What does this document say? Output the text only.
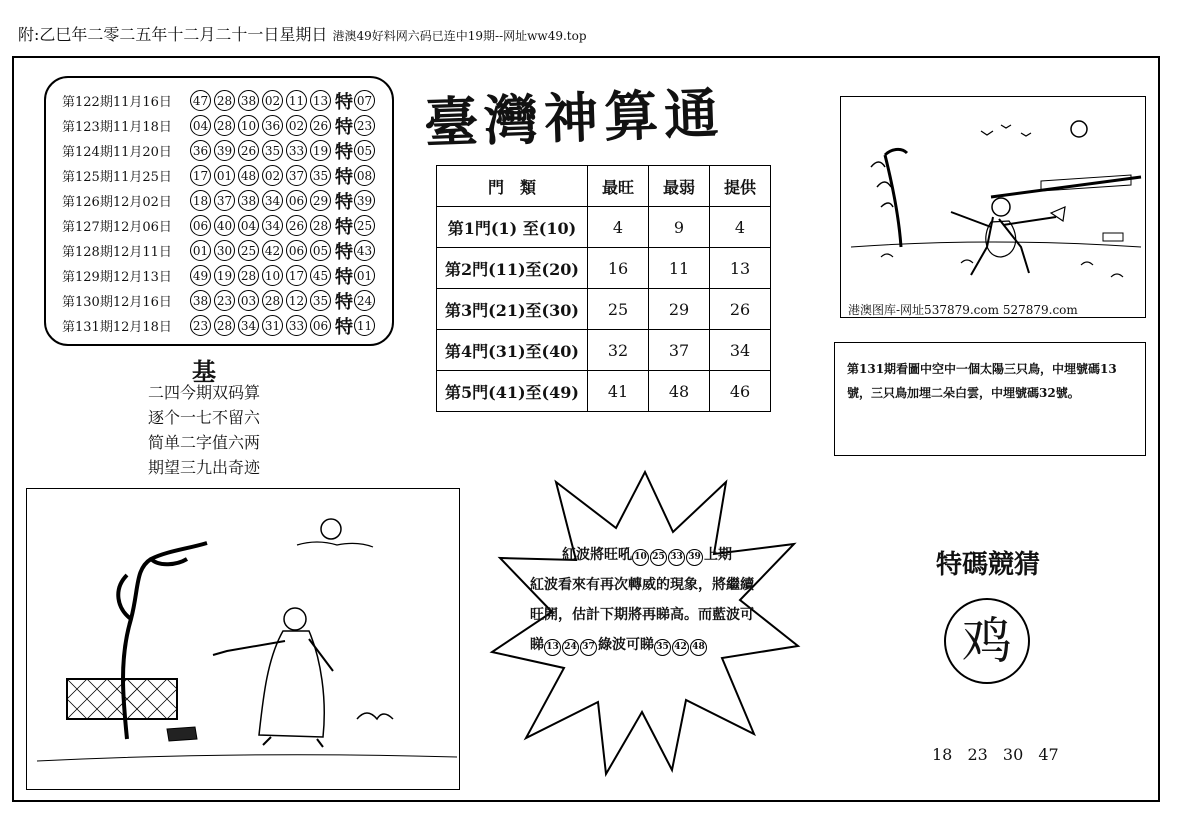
附:乙巳年二零二五年十二月二十一日星期日 港澳49好料网六码已连中19期--网址ww49.top
第122期11月16日	47 28 38 02 11 13 特 07
第123期11月18日	04 28 10 36 02 26 特 23
第124期11月20日	36 39 26 35 33 19 特 05
第125期11月25日	17 01 48 02 37 35 特 08
第126期12月02日	18 37 38 34 06 29 特 39
第127期12月06日	06 40 04 34 26 28 特 25
第128期12月11日	01 30 25 42 06 05 特 43
第129期12月13日	49 19 28 10 17 45 特 01
第130期12月16日	38 23 03 28 12 35 特 24
第131期12月18日	23 28 34 31 33 06 特 11
基
二四今期双码算
逐个一七不留六
简单二字值六两
期望三九出奇迹
臺灣神算通
門　類	最旺	最弱	提供
第1門(1) 至(10)	4	9	4
第2門(11)至(20)	16	11	13
第3門(21)至(30)	25	29	26
第4門(31)至(40)	32	37	34
第5門(41)至(49)	41	48	46
港澳图库-网址537879.com 527879.com
第131期看圖中空中一個太陽三只鳥，中埋號碼13號，三只鳥加埋二朵白雲，中埋號碼32號。
紅波將旺吼 10 25 33 39 上期
紅波看來有再次轉威的現象，將繼續旺開，估計下期將再睇高。而藍波可睇 13 24 37 綠波可睇 35 42 48
特碼競猜
鸡
18 23 30 47
